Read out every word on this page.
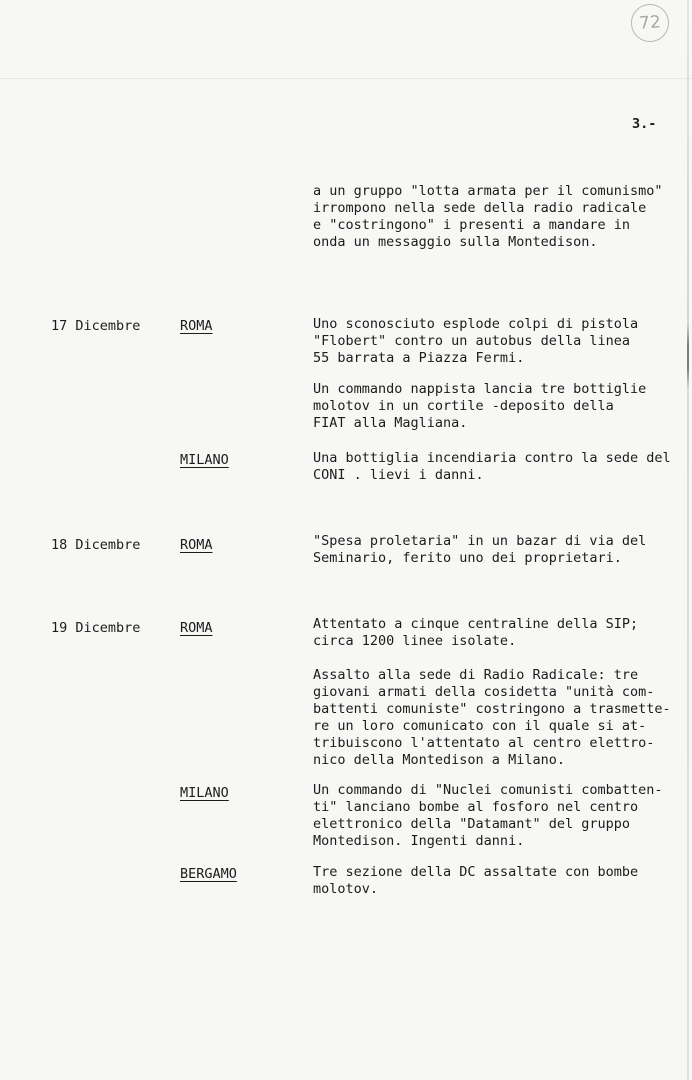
72
3.-

a un gruppo "lotta armata per il comunismo"
irrompono nella sede della radio radicale
e "costringono" i presenti a mandare in
onda un messaggio sulla Montedison.

17 Dicembre	ROMA	Uno sconosciuto esplode colpi di pistola
"Flobert" contro un autobus della linea
55 barrata a Piazza Fermi.

Un commando nappista lancia tre bottiglie
molotov in un cortile -deposito della
FIAT alla Magliana.

MILANO	Una bottiglia incendiaria contro la sede del
CONI . lievi i danni.

18 Dicembre	ROMA	"Spesa proletaria" in un bazar di via del
Seminario, ferito uno dei proprietari.

19 Dicembre	ROMA	Attentato a cinque centraline della SIP;
circa 1200 linee isolate.

Assalto alla sede di Radio Radicale: tre
giovani armati della cosidetta "unità com-
battenti comuniste" costringono a trasmette-
re un loro comunicato con il quale si at-
tribuiscono l'attentato al centro elettro-
nico della Montedison a Milano.

MILANO	Un commando di "Nuclei comunisti combatten-
ti" lanciano bombe al fosforo nel centro
elettronico della "Datamant" del gruppo
Montedison. Ingenti danni.

BERGAMO	Tre sezione della DC assaltate con bombe
molotov.
